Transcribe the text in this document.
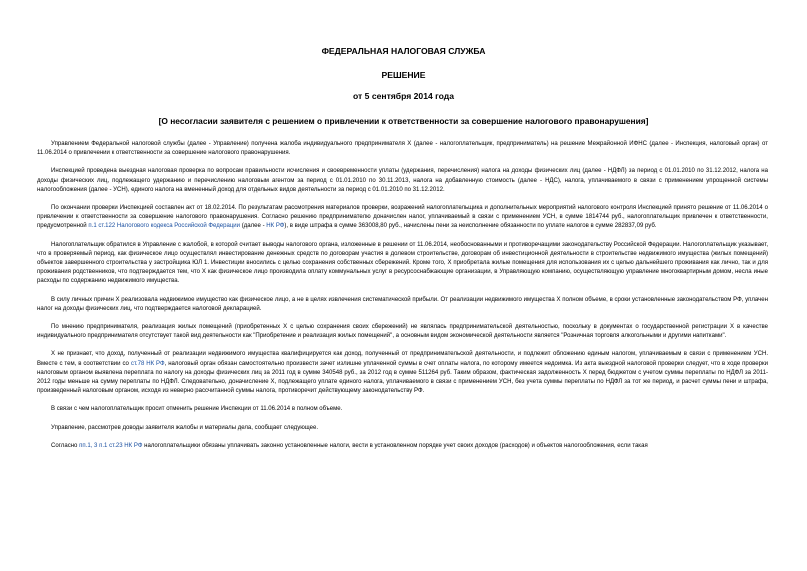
ФЕДЕРАЛЬНАЯ НАЛОГОВАЯ СЛУЖБА
РЕШЕНИЕ
от 5 сентября 2014 года
[О несогласии заявителя с решением о привлечении к ответственности за совершение налогового правонарушения]

Управлением Федеральной налоговой службы (далее - Управление) получена жалоба индивидуального предпринимателя Х (далее - налогоплательщик, предприниматель) на решение Межрайонной ИФНС (далее - Инспекция, налоговый орган) от 11.06.2014 о привлечении к ответственности за совершение налогового правонарушения.

Инспекцией проведена выездная налоговая проверка по вопросам правильности исчисления и своевременности уплаты (удержания, перечисления) налога на доходы физических лиц (далее - НДФЛ) за период с 01.01.2010 по 31.12.2012, налога на доходы физических лиц, подлежащего удержанию и перечислению налоговым агентом за период с 01.01.2010 по 30.11.2013, налога на добавленную стоимость (далее - НДС), налога, уплачиваемого в связи с применением упрощенной системы налогообложения (далее - УСН), единого налога на вмененный доход для отдельных видов деятельности за период с 01.01.2010 по 31.12.2012.

По окончании проверки Инспекцией составлен акт от 18.02.2014. По результатам рассмотрения материалов проверки, возражений налогоплательщика и дополнительных мероприятий налогового контроля Инспекцией принято решение от 11.06.2014 о привлечении к ответственности за совершение налогового правонарушения. Согласно решению предпринимателю доначислен налог, уплачиваемый в связи с применением УСН, в сумме 1814744 руб., налогоплательщик привлечен к ответственности, предусмотренной п.1 ст.122 Налогового кодекса Российской Федерации (далее - НК РФ), в виде штрафа в сумме 363008,80 руб., начислены пени за неисполнение обязанности по уплате налогов в сумме 282837,09 руб.

Налогоплательщик обратился в Управление с жалобой, в которой считает выводы налогового органа, изложенные в решении от 11.06.2014, необоснованными и противоречащими законодательству Российской Федерации. Налогоплательщик указывает, что в проверяемый период, как физическое лицо осуществлял инвестирование денежных средств по договорам участия в долевом строительстве, договорам об инвестиционной деятельности в строительстве недвижимого имущества (жилых помещений) объектов завершенного строительства у застройщика ЮЛ 1. Инвестиции вносились с целью сохранения собственных сбережений. Кроме того, Х приобретала жилые помещения для использования их с целью дальнейшего проживания как лично, так и для проживания родственников, что подтверждается тем, что Х как физическое лицо производила оплату коммунальных услуг в ресурсоснабжающие организации, в Управляющую компанию, осуществляющую управление многоквартирным домом, несла иные расходы по содержанию недвижимого имущества.

В силу личных причин Х реализовала недвижимое имущество как физическое лицо, а не в целях извлечения систематической прибыли. От реализации недвижимого имущества Х полном объеме, в сроки установленные законодательством РФ, уплачен налог на доходы физических лиц, что подтверждается налоговой декларацией.

По мнению предпринимателя, реализация жилых помещений (приобретенных Х с целью сохранения своих сбережений) не являлась предпринимательской деятельностью, поскольку в документах о государственной регистрации Х в качестве индивидуального предпринимателя отсутствует такой вид деятельности как "Приобретение и реализация жилых помещений", а основным видом экономической деятельности является "Розничная торговля алкогольными и другими напитками".

Х не признает, что доход, полученный от реализации недвижимого имущества квалифицируется как доход, полученный от предпринимательской деятельности, и подлежит обложению единым налогом, уплачиваемым в связи с применением УСН. Вместе с тем, в соответствии со ст.78 НК РФ, налоговый орган обязан самостоятельно произвести зачет излишне уплаченной суммы в счет оплаты налога, по которому имеется недоимка. Из акта выездной налоговой проверки следует, что в ходе проверки налоговым органом выявлена переплата по налогу на доходы физических лиц за 2011 год в сумме 340548 руб., за 2012 год в сумме 511264 руб. Таким образом, фактическая задолженность Х перед бюджетом с учетом суммы переплаты по НДФЛ за 2011-2012 годы меньше на сумму переплаты по НДФЛ. Следовательно, доначисление Х, подлежащего уплате единого налога, уплачиваемого в связи с применением УСН, без учета суммы переплаты по НДФЛ за тот же период, и расчет суммы пени и штрафа, произведенный налоговым органом, исходя из неверно рассчитанной суммы налога, противоречит действующему законодательству РФ.

В связи с чем налогоплательщик просит отменить решение Инспекции от 11.06.2014 в полном объеме.

Управление, рассмотрев доводы заявителя жалобы и материалы дела, сообщает следующее.

Согласно пп.1, 3 п.1 ст.23 НК РФ налогоплательщики обязаны уплачивать законно установленные налоги, вести в установленном порядке учет своих доходов (расходов) и объектов налогообложения, если такая
